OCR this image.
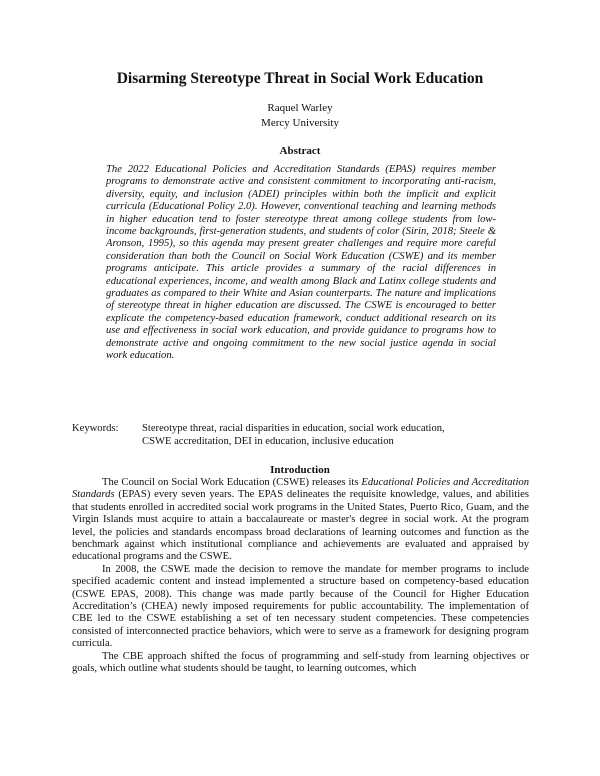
Disarming Stereotype Threat in Social Work Education
Raquel Warley
Mercy University
Abstract

The 2022 Educational Policies and Accreditation Standards (EPAS) requires member programs to demonstrate active and consistent commitment to incorporating anti-racism, diversity, equity, and inclusion (ADEI) principles within both the implicit and explicit curricula (Educational Policy 2.0). However, conventional teaching and learning methods in higher education tend to foster stereotype threat among college students from low-income backgrounds, first-generation students, and students of color (Sirin, 2018; Steele & Aronson, 1995), so this agenda may present greater challenges and require more careful consideration than both the Council on Social Work Education (CSWE) and its member programs anticipate. This article provides a summary of the racial differences in educational experiences, income, and wealth among Black and Latinx college students and graduates as compared to their White and Asian counterparts. The nature and implications of stereotype threat in higher education are discussed. The CSWE is encouraged to better explicate the competency-based education framework, conduct additional research on its use and effectiveness in social work education, and provide guidance to programs how to demonstrate active and ongoing commitment to the new social justice agenda in social work education.

Keywords: Stereotype threat, racial disparities in education, social work education,
CSWE accreditation, DEI in education, inclusive education
Introduction

The Council on Social Work Education (CSWE) releases its Educational Policies and Accreditation Standards (EPAS) every seven years. The EPAS delineates the requisite knowledge, values, and abilities that students enrolled in accredited social work programs in the United States, Puerto Rico, Guam, and the Virgin Islands must acquire to attain a baccalaureate or master's degree in social work. At the program level, the policies and standards encompass broad declarations of learning outcomes and function as the benchmark against which institutional compliance and achievements are evaluated and appraised by educational programs and the CSWE.

In 2008, the CSWE made the decision to remove the mandate for member programs to include specified academic content and instead implemented a structure based on competency-based education (CSWE EPAS, 2008). This change was made partly because of the Council for Higher Education Accreditation’s (CHEA) newly imposed requirements for public accountability. The implementation of CBE led to the CSWE establishing a set of ten necessary student competencies. These competencies consisted of interconnected practice behaviors, which were to serve as a framework for designing program curricula.

The CBE approach shifted the focus of programming and self-study from learning objectives or goals, which outline what students should be taught, to learning outcomes, which
